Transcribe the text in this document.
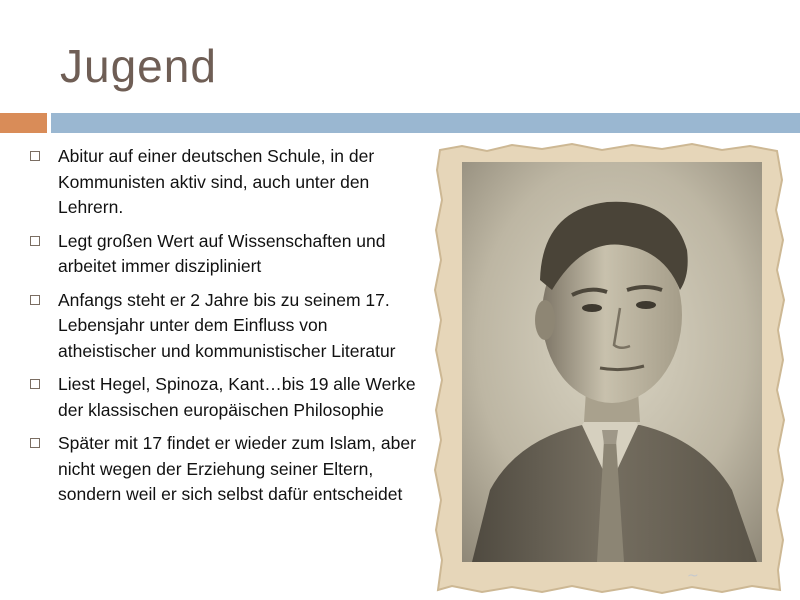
Jugend
Abitur auf einer deutschen Schule, in der Kommunisten aktiv sind, auch unter den Lehrern.
Legt großen Wert auf Wissenschaften und arbeitet immer diszipliniert
Anfangs steht er 2 Jahre bis zu seinem 17. Lebensjahr unter dem Einfluss von atheistischer und kommunistischer Literatur
Liest Hegel, Spinoza, Kant…bis 19 alle Werke der klassischen europäischen Philosophie
Später mit 17 findet er wieder zum Islam, aber nicht wegen der Erziehung seiner Eltern, sondern weil er sich selbst dafür entscheidet
~
